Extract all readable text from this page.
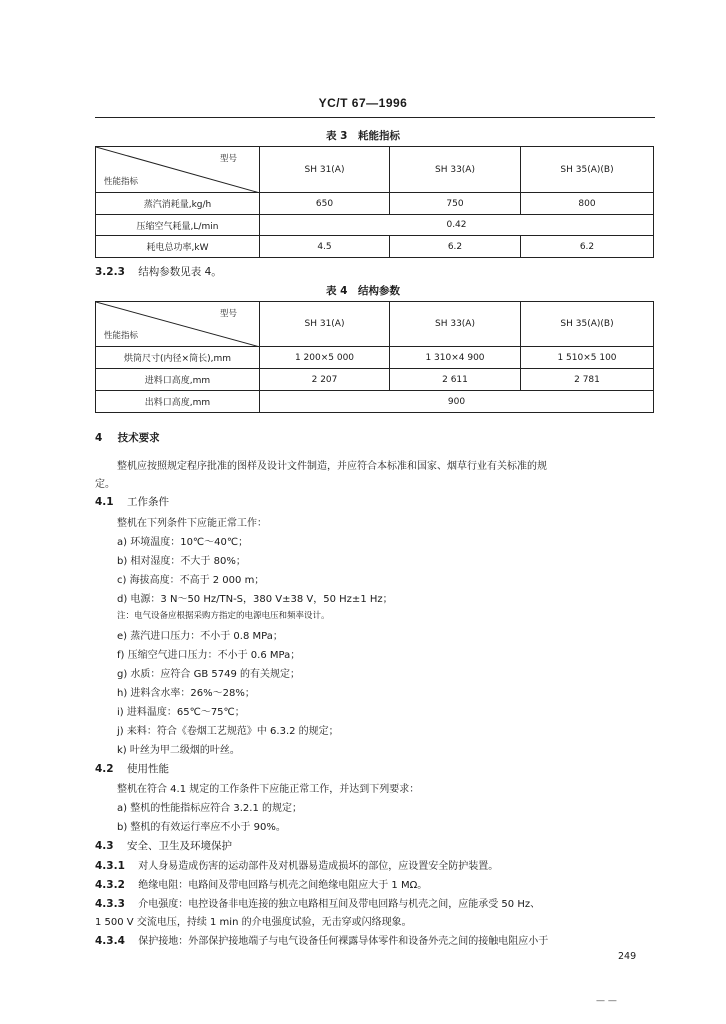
YC/T 67—1996
表 3　耗能指标
型号
性能指标	SH 31(A)	SH 33(A)	SH 35(A)(B)
蒸汽消耗量,kg/h	650	750	800
压缩空气耗量,L/min	0.42		
耗电总功率,kW	4.5	6.2	6.2
3.2.3 结构参数见表 4。
表 4　结构参数
型号
性能指标	SH 31(A)	SH 33(A)	SH 35(A)(B)
烘筒尺寸(内径×筒长),mm	1 200×5 000	1 310×4 900	1 510×5 100
进料口高度,mm	2 207	2 611	2 781
出料口高度,mm	900		
4 技术要求
整机应按照规定程序批准的图样及设计文件制造，并应符合本标准和国家、烟草行业有关标准的规
定。
4.1 工作条件
整机在下列条件下应能正常工作：
a) 环境温度：10℃～40℃；
b) 相对湿度：不大于 80%；
c) 海拔高度：不高于 2 000 m；
d) 电源：3 N～50 Hz/TN-S，380 V±38 V，50 Hz±1 Hz；
注：电气设备应根据采购方指定的电源电压和频率设计。
e) 蒸汽进口压力：不小于 0.8 MPa；
f) 压缩空气进口压力：不小于 0.6 MPa；
g) 水质：应符合 GB 5749 的有关规定；
h) 进料含水率：26%～28%；
i) 进料温度：65℃～75℃；
j) 来料：符合《卷烟工艺规范》中 6.3.2 的规定；
k) 叶丝为甲二级烟的叶丝。
4.2 使用性能
整机在符合 4.1 规定的工作条件下应能正常工作，并达到下列要求：
a) 整机的性能指标应符合 3.2.1 的规定；
b) 整机的有效运行率应不小于 90%。
4.3 安全、卫生及环境保护
4.3.1 对人身易造成伤害的运动部件及对机器易造成损坏的部位，应设置安全防护装置。
4.3.2 绝缘电阻：电路间及带电回路与机壳之间绝缘电阻应大于 1 MΩ。
4.3.3 介电强度：电控设备非电连接的独立电路相互间及带电回路与机壳之间，应能承受 50 Hz、
1 500 V 交流电压，持续 1 min 的介电强度试验，无击穿或闪络现象。
4.3.4 保护接地：外部保护接地端子与电气设备任何裸露导体零件和设备外壳之间的接触电阻应小于
249
— —
